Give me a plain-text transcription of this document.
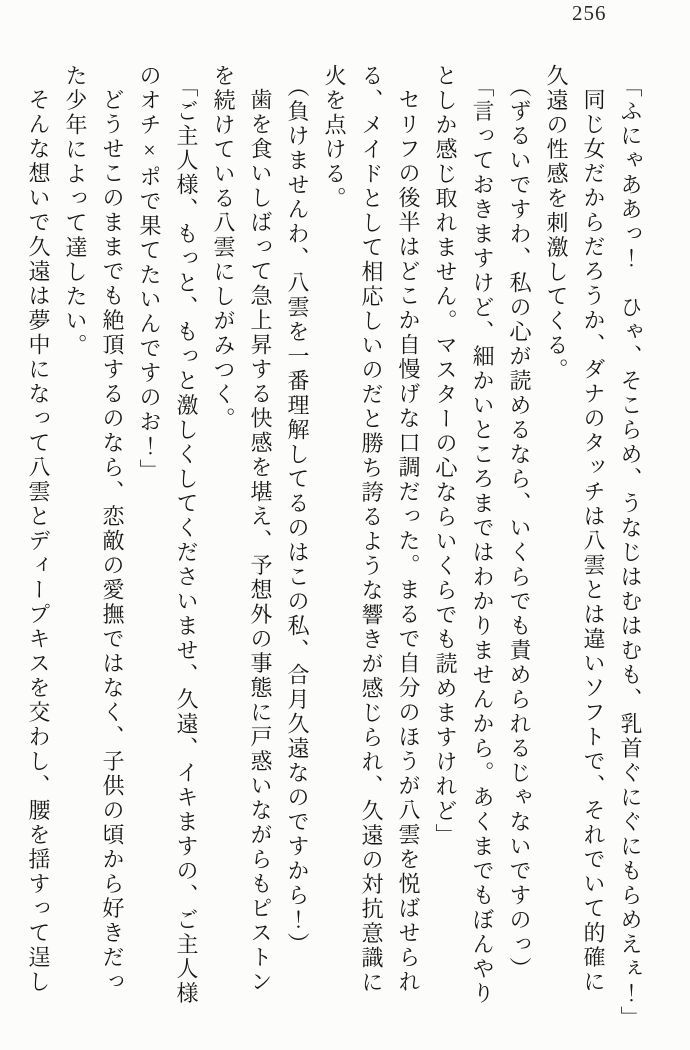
256

「ふにゃああっ！　ひゃ、そこらめ、うなじはむはむも、乳首ぐにぐにもらめえぇ！」

同じ女だからだろうか、ダナのタッチは八雲とは違いソフトで、それでいて的確に

久遠の性感を刺激してくる。

（ずるいですわ、私の心が読めるなら、いくらでも責められるじゃないですのっ）

「言っておきますけど、細かいところまではわかりませんから。あくまでもぼんやり

としか感じ取れません。マスターの心ならいくらでも読めますけれど」

セリフの後半はどこか自慢げな口調だった。まるで自分のほうが八雲を悦ばせられ

る、メイドとして相応しいのだと勝ち誇るような響きが感じられ、久遠の対抗意識に

火を点ける。

（負けませんわ、八雲を一番理解してるのはこの私、合月久遠なのですから！）

歯を食いしばって急上昇する快感を堪え、予想外の事態に戸惑いながらもピストン

を続けている八雲にしがみつく。

「ご主人様、もっと、もっと激しくしてくださいませ、久遠、イキますの、ご主人様

のオチ×ポで果てたいんですのお！」

どうせこのままでも絶頂するのなら、恋敵の愛撫ではなく、子供の頃から好きだっ

た少年によって達したい。

そんな想いで久遠は夢中になって八雲とディープキスを交わし、腰を揺すって逞し
